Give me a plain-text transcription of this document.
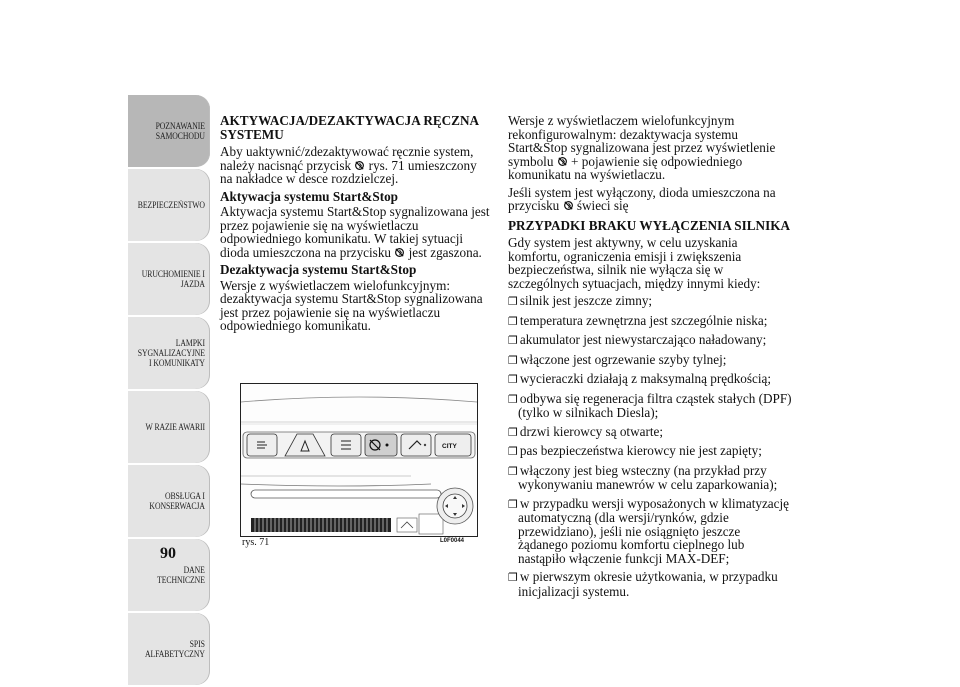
POZNAWANIE SAMOCHODU
BEZPIECZEŃSTWO
URUCHOMIENIE I JAZDA
LAMPKI SYGNALIZACYJNE I KOMUNIKATY
W RAZIE AWARII
OBSŁUGA I KONSERWACJA
DANE TECHNICZNE
SPIS ALFABETYCZNY
90
AKTYWACJA/DEZAKTYWACJA RĘCZNA SYSTEMU

Aby uaktywnić/zdezaktywować ręcznie system, należy nacisnąć przycisk rys. 71 umieszczony na nakładce w desce rozdzielczej.

Aktywacja systemu Start&Stop

Aktywacja systemu Start&Stop sygnalizowana jest przez pojawienie się na wyświetlaczu odpowiedniego komunikatu. W takiej sytuacji dioda umieszczona na przycisku jest zgaszona.

Dezaktywacja systemu Start&Stop

Wersje z wyświetlaczem wielofunkcyjnym: dezaktywacja systemu Start&Stop sygnalizowana jest przez pojawienie się na wyświetlaczu odpowiedniego komunikatu.

CITY
rys. 71	L0F0044

Wersje z wyświetlaczem wielofunkcyjnym rekonfigurowalnym: dezaktywacja systemu Start&Stop sygnalizowana jest przez wyświetlenie symbolu + pojawienie się odpowiedniego komunikatu na wyświetlaczu.

Jeśli system jest wyłączony, dioda umieszczona na przycisku świeci się

PRZYPADKI BRAKU WYŁĄCZENIA SILNIKA

Gdy system jest aktywny, w celu uzyskania komfortu, ograniczenia emisji i zwiększenia bezpieczeństwa, silnik nie wyłącza się w szczególnych sytuacjach, między innymi kiedy:

❐ silnik jest jeszcze zimny;
❐ temperatura zewnętrzna jest szczególnie niska;
❐ akumulator jest niewystarczająco naładowany;
❐ włączone jest ogrzewanie szyby tylnej;
❐ wycieraczki działają z maksymalną prędkością;
❐ odbywa się regeneracja filtra cząstek stałych (DPF) (tylko w silnikach Diesla);
❐ drzwi kierowcy są otwarte;
❐ pas bezpieczeństwa kierowcy nie jest zapięty;
❐ włączony jest bieg wsteczny (na przykład przy wykonywaniu manewrów w celu zaparkowania);
❐ w przypadku wersji wyposażonych w klimatyzację automatyczną (dla wersji/rynków, gdzie przewidziano), jeśli nie osiągnięto jeszcze żądanego poziomu komfortu cieplnego lub nastąpiło włączenie funkcji MAX-DEF;
❐ w pierwszym okresie użytkowania, w przypadku inicjalizacji systemu.
